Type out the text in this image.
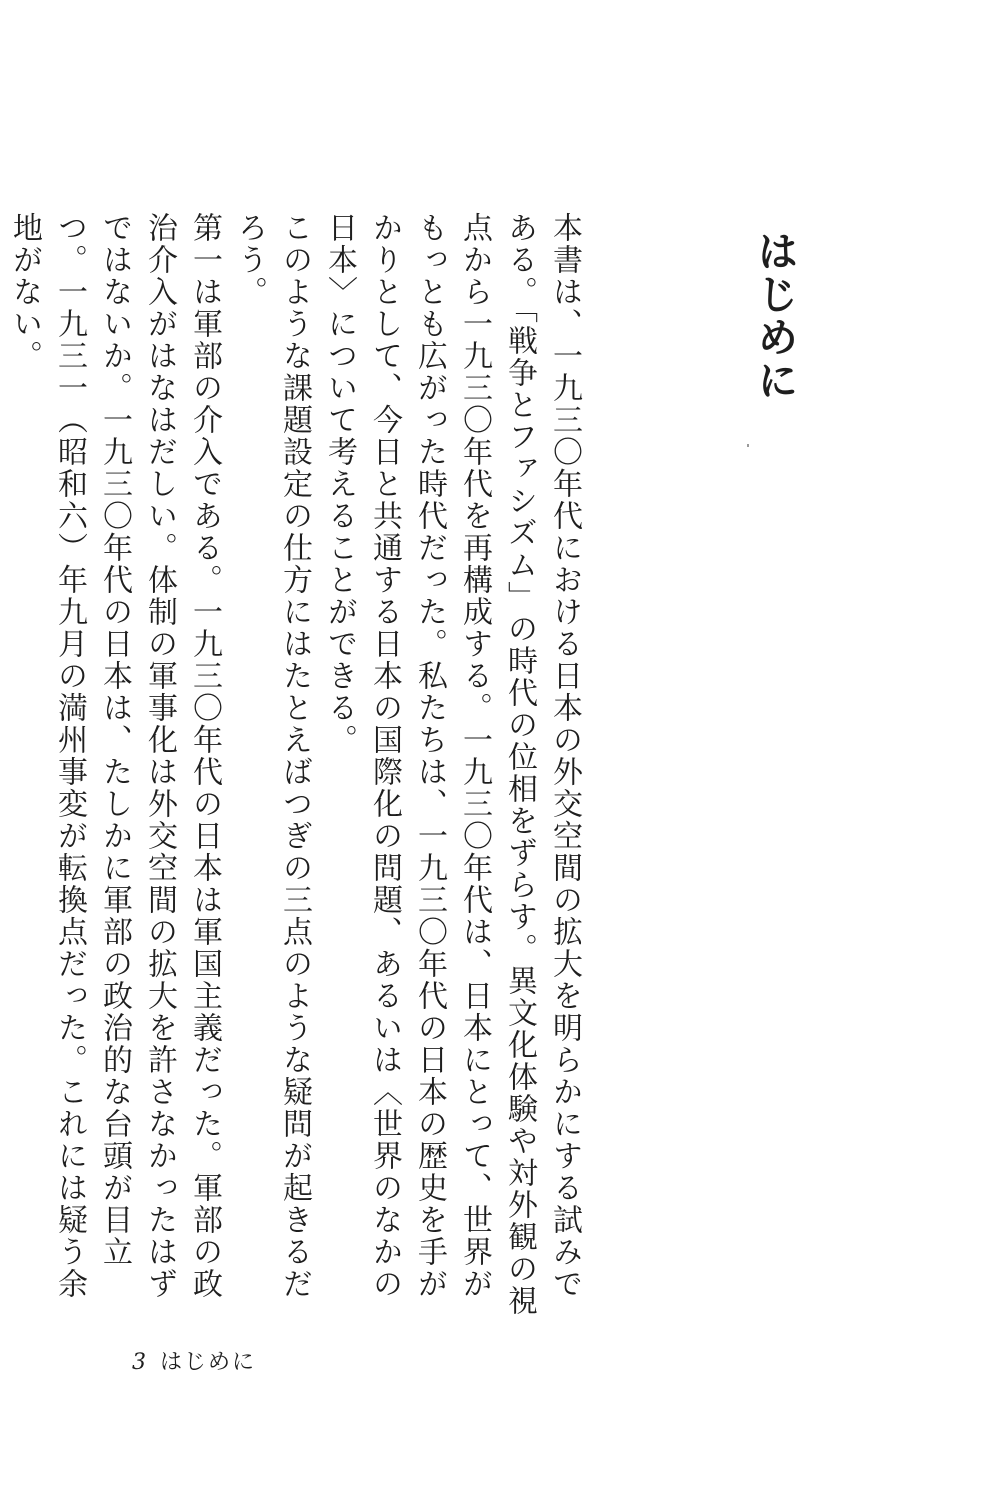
はじめに

本書は、一九三〇年代における日本の外交空間の拡大を明らかにする試みである。「戦争とファシズム」の時代の位相をずらす。異文化体験や対外観の視点から一九三〇年代を再構成する。一九三〇年代は、日本にとって、世界がもっとも広がった時代だった。私たちは、一九三〇年代の日本の歴史を手がかりとして、今日と共通する日本の国際化の問題、あるいは〈世界のなかの日本〉について考えることができる。

このような課題設定の仕方にはたとえばつぎの三点のような疑問が起きるだろう。

第一は軍部の介入である。一九三〇年代の日本は軍国主義だった。軍部の政治介入がはなはだしい。体制の軍事化は外交空間の拡大を許さなかったはずではないか。一九三〇年代の日本は、たしかに軍部の政治的な台頭が目立つ。一九三一（昭和六）年九月の満州事変が転換点だった。これには疑う余地がない。

3 はじめに
